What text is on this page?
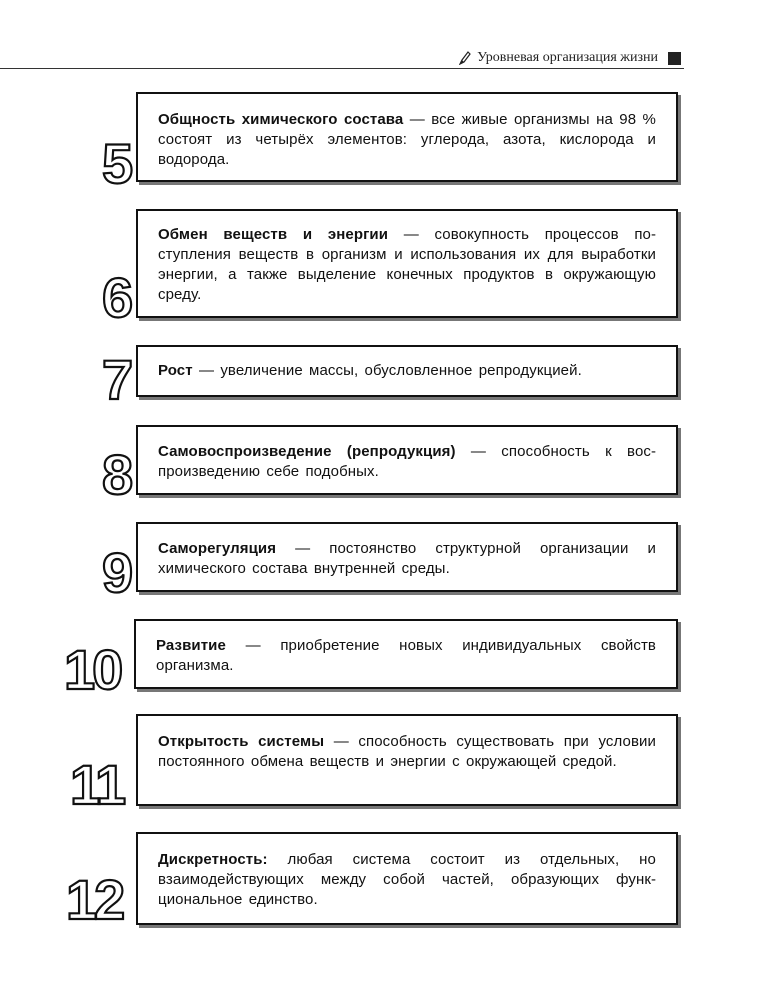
Уровневая организация жизни 9
5
Общность химического состава — все живые организмы на 98 % состоят из четырёх элементов: углерода, азота, кислорода и водорода.
6
Обмен веществ и энергии — совокупность процессов поступления веществ в организм и использования их для выработки энергии, а также выделение конечных продуктов в окружающую среду.
7 Рост — увеличение массы, обусловленное репродукцией.
8 Самовоспроизведение (репродукция) — способность к воспроизведению себе подобных.
9 Саморегуляция — постоянство структурной организации и химического состава внутренней среды.
10 Развитие — приобретение новых индивидуальных свойств организма.
11
Открытость системы — способность существовать при условии постоянного обмена веществ и энергии с окружающей средой.
12
Дискретность: любая система состоит из отдельных, но взаимодействующих между собой частей, образующих функциональное единство.
